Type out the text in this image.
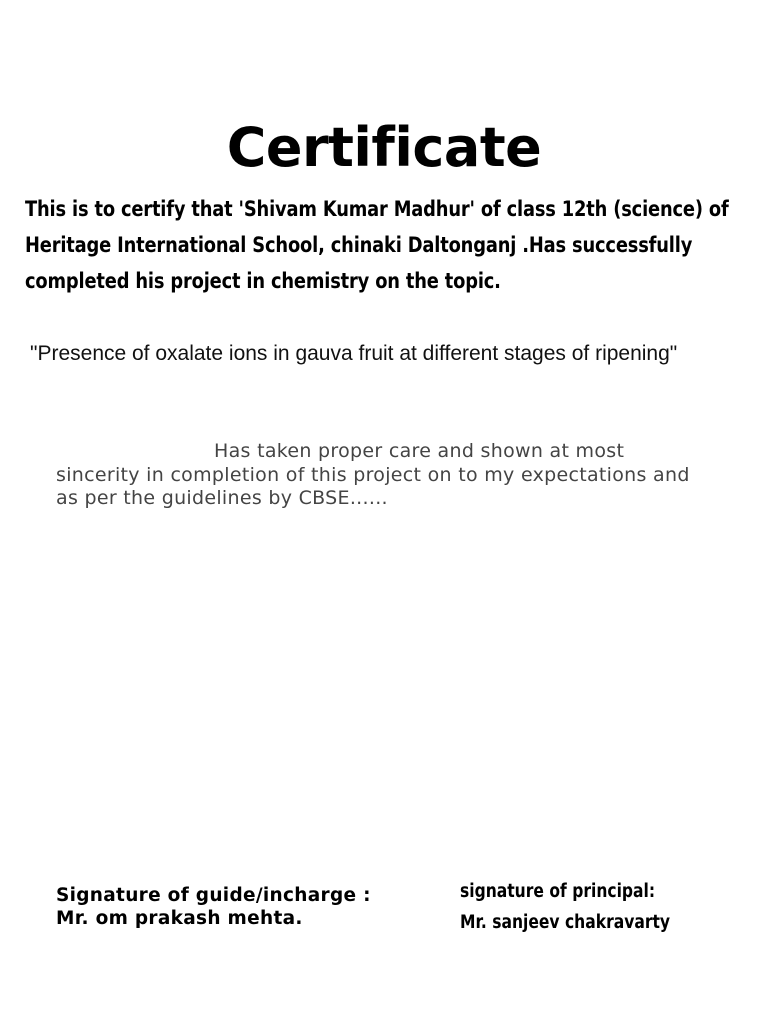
Certificate
This is to certify that 'Shivam Kumar Madhur' of class 12th (science) of Heritage International School, chinaki Daltonganj .Has successfully completed his project in chemistry on the topic.
"Presence of oxalate ions in gauva fruit at different stages of ripening"
Has taken proper care and shown at most sincerity in completion of this project on to my expectations and as per the guidelines by CBSE......
Signature of guide/incharge :
Mr. om prakash mehta.
signature of principal:
Mr. sanjeev chakravarty
